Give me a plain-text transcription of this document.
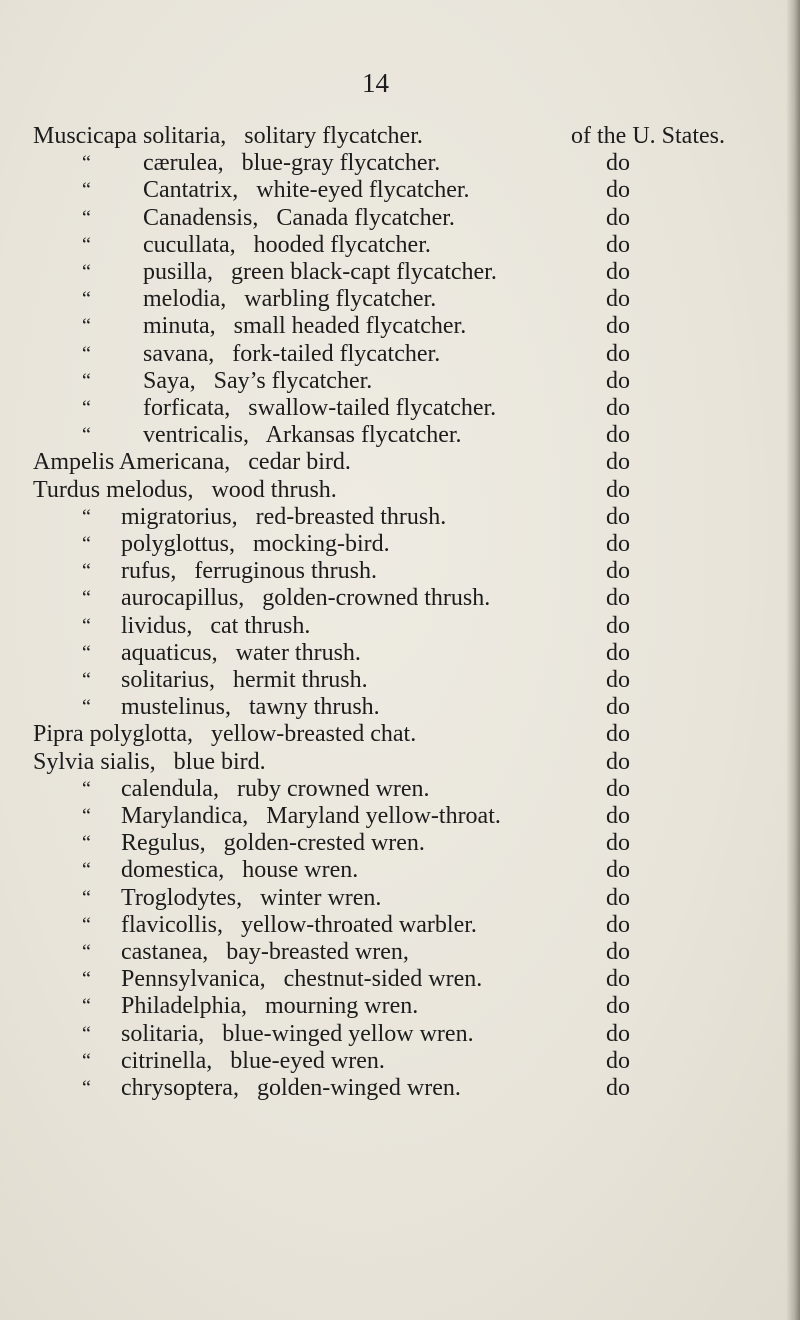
14
Muscicapa solitaria,   solitary flycatcher.	of the U. States.
“ cærulea,   blue-gray flycatcher.	do
“ Cantatrix,   white-eyed flycatcher.	do
“ Canadensis,   Canada flycatcher.	do
“ cucullata,   hooded flycatcher.	do
“ pusilla,   green black-capt flycatcher.	do
“ melodia,   warbling flycatcher.	do
“ minuta,   small headed flycatcher.	do
“ savana,   fork-tailed flycatcher.	do
“ Saya,   Say’s flycatcher.	do
“ forficata,   swallow-tailed flycatcher.	do
“ ventricalis,   Arkansas flycatcher.	do
Ampelis Americana,   cedar bird.	do
Turdus melodus,   wood thrush.	do
“ migratorius,   red-breasted thrush.	do
“ polyglottus,   mocking-bird.	do
“ rufus,   ferruginous thrush.	do
“ aurocapillus,   golden-crowned thrush.	do
“ lividus,   cat thrush.	do
“ aquaticus,   water thrush.	do
“ solitarius,   hermit thrush.	do
“ mustelinus,   tawny thrush.	do
Pipra polyglotta,   yellow-breasted chat.	do
Sylvia sialis,   blue bird.	do
“ calendula,   ruby crowned wren.	do
“ Marylandica,   Maryland yellow-throat.	do
“ Regulus,   golden-crested wren.	do
“ domestica,   house wren.	do
“ Troglodytes,   winter wren.	do
“ flavicollis,   yellow-throated warbler.	do
“ castanea,   bay-breasted wren,	do
“ Pennsylvanica,   chestnut-sided wren.	do
“ Philadelphia,   mourning wren.	do
“ solitaria,   blue-winged yellow wren.	do
“ citrinella,   blue-eyed wren.	do
“ chrysoptera,   golden-winged wren.	do
